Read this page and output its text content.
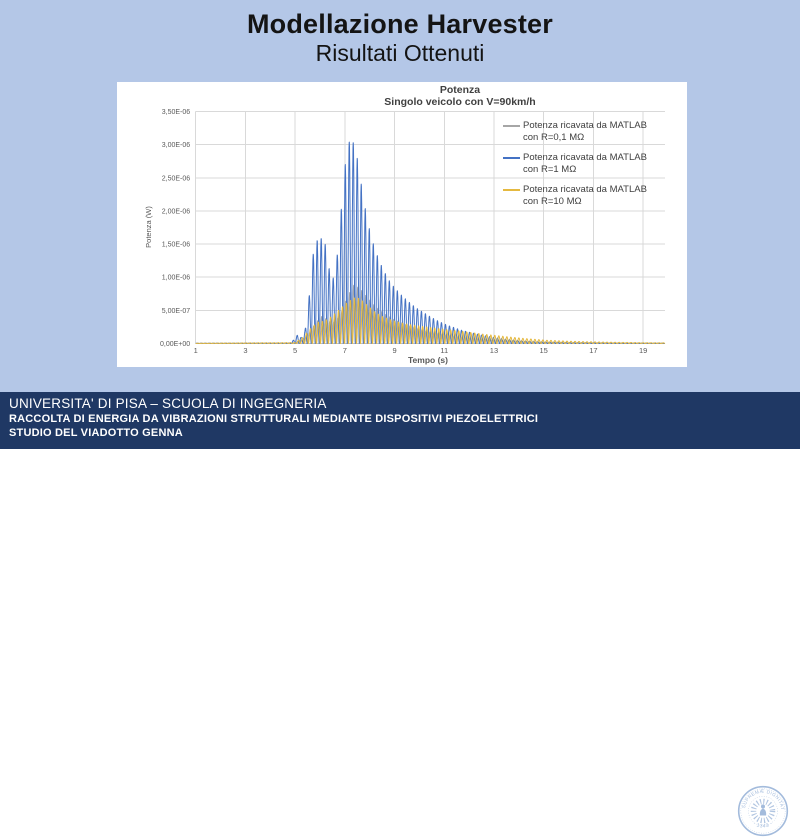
Modellazione Harvester
Risultati Ottenuti
0,00E+00
5,00E-07
1,00E-06
1,50E-06
2,00E-06
2,50E-06
3,00E-06
3,50E-06
1	3	5	7	9	11	13	15	17	19
Potenza
Singolo veicolo con V=90km/h
Potenza (W)
Tempo (s)
Potenza ricavata da MATLAB
con R=0,1 MΩ
Potenza ricavata da MATLAB
con R=1 MΩ
Potenza ricavata da MATLAB
con R=10 MΩ
UNIVERSITA' DI PISA – SCUOLA DI INGEGNERIA
RACCOLTA DI ENERGIA DA VIBRAZIONI STRUTTURALI MEDIANTE DISPOSITIVI PIEZOELETTRICI
STUDIO DEL VIADOTTO GENNA
SUPREMÆ DIGNITAT
· 1343 ·
